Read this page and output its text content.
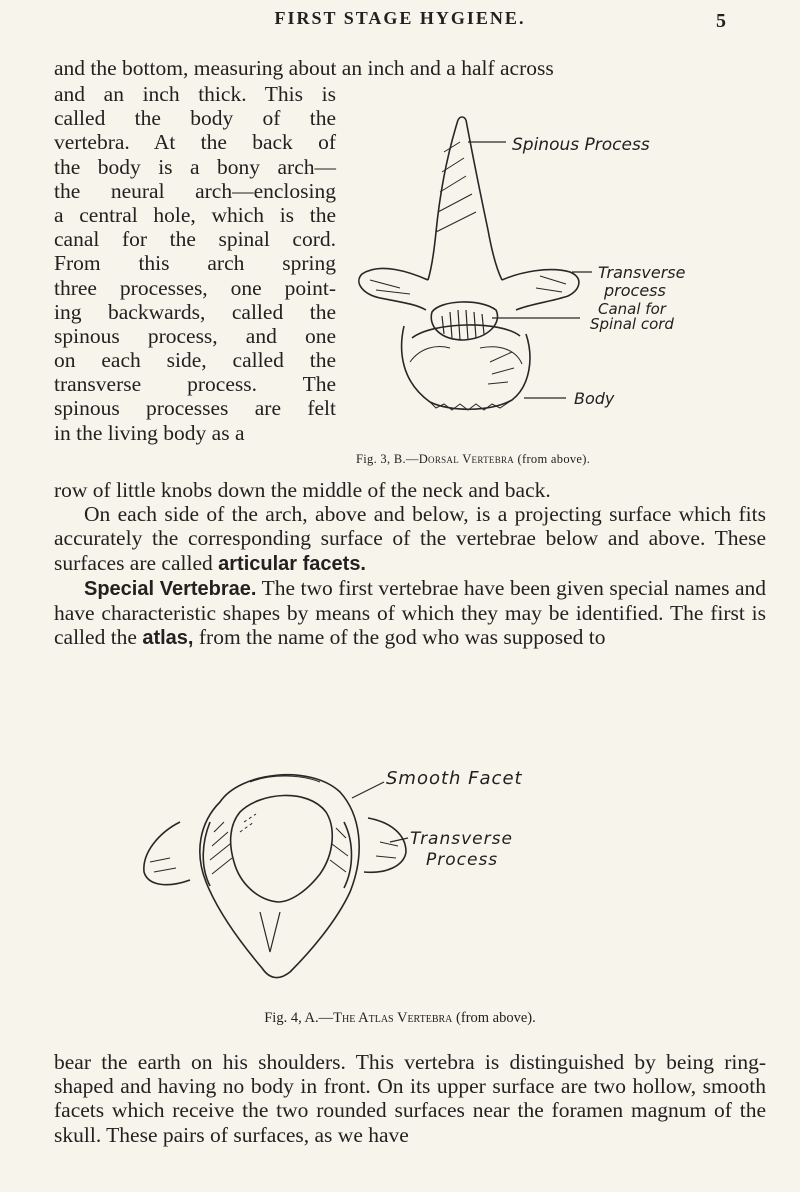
FIRST STAGE HYGIENE.	5

and the bottom, measuring about an inch and a half across

and an inch thick. This is
called the body of the
vertebra. At the back of
the body is a bony arch—
the neural arch—enclosing
a central hole, which is the
canal for the spinal cord.
From this arch spring
three processes, one point-
ing backwards, called the
spinous process, and one
on each side, called the
transverse process. The
spinous processes are felt
in the living body as a
Spinous Process
Transverse
process
Canal for
Spinal cord
Body
Fig. 3, B.—Dorsal Vertebra (from above).

row of little knobs down the middle of the neck and back.

On each side of the arch, above and below, is a projecting surface which fits accurately the corresponding surface of the vertebrae below and above. These surfaces are called articular facets.

Special Vertebrae. The two first vertebrae have been given special names and have characteristic shapes by means of which they may be identified. The first is called the atlas, from the name of the god who was supposed to

Smooth Facet
Transverse
Process
Fig. 4, A.—The Atlas Vertebra (from above).

bear the earth on his shoulders. This vertebra is distinguished by being ring-shaped and having no body in front. On its upper surface are two hollow, smooth facets which receive the two rounded surfaces near the foramen magnum of the skull. These pairs of surfaces, as we have
